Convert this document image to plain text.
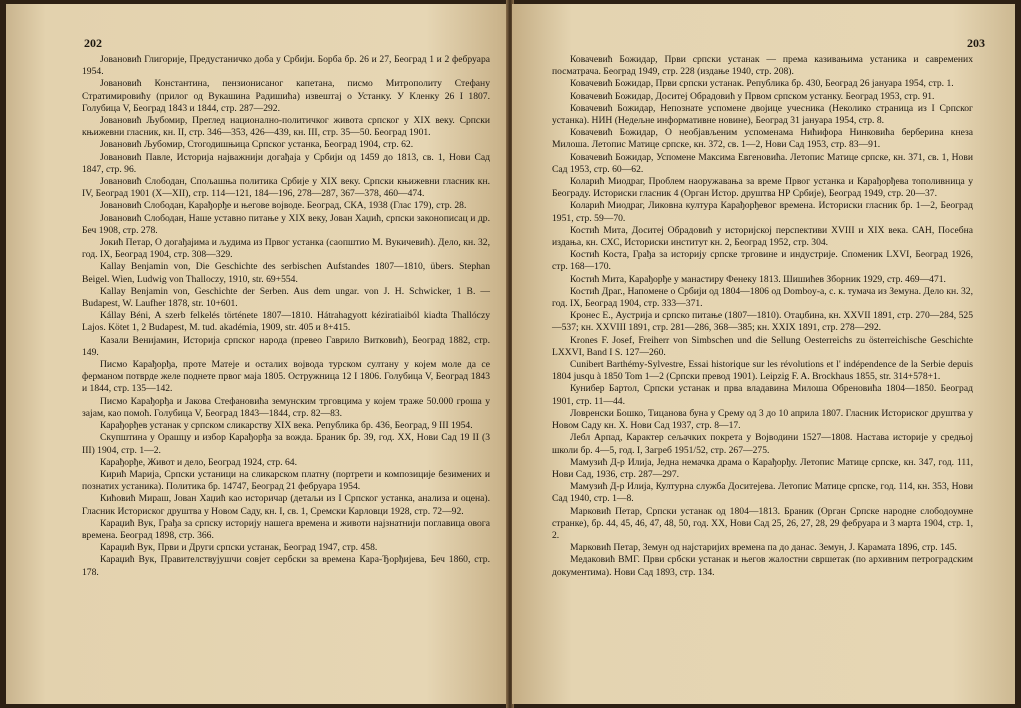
202

Јовановић Глигорије, Предустаничко доба у Србији. Борба бр. 26 и 27, Београд 1 и 2 фебруара 1954.

Јовановић Константина, пензионисаног капетана, писмо Митрополиту Стефану Стратимировићу (прилог од Вукашина Радишића) извештај о Устанку. У Кленку 26 I 1807. Голубица V, Београд 1843 и 1844, стр. 287—292.

Јовановић Љубомир, Преглед национално-политичког живота српског у XIX веку. Српски књижевни гласник, кн. II, стр. 346—353, 426—439, кн. III, стр. 35—50. Београд 1901.

Јовановић Љубомир, Стогодишњица Српског устанка, Београд 1904, стр. 62.

Јовановић Павле, Историја најважнији догађаја у Србији од 1459 до 1813, св. 1, Нови Сад 1847, стр. 96.

Јовановић Слободан, Спољашња политика Србије у XIX веку. Српски књижевни гласник кн. IV, Београд 1901 (X—XII), стр. 114—121, 184—196, 278—287, 367—378, 460—474.

Јовановић Слободан, Карађорђе и његове војводе. Београд, СКА, 1938 (Глас 179), стр. 28.

Јовановић Слободан, Наше уставно питање у XIX веку, Јован Хаџић, српски законописац и др. Беч 1908, стр. 278.

Јокић Петар, О догађајима и људима из Првог устанка (саопштио М. Вукичевић). Дело, кн. 32, год. IX, Београд 1904, стр. 308—329.

Kallay Benjamin von, Die Geschichte des serbischen Aufstandes 1807—1810, übers. Stephan Beigel. Wien, Ludwig von Thalloczy, 1910, str. 69+554.

Kallay Benjamin von, Geschichte der Serben. Aus dem ungar. von J. H. Schwicker, 1 B. — Budapest, W. Laufher 1878, str. 10+601.

Kállay Béni, A szerb felkelés története 1807—1810. Hátrahagyott kéziratiaiból kiadta Thallóczy Lajos. Kötet 1, 2 Budapest, M. tud. akadémia, 1909, str. 405 и 8+415.

Казали Венијамин, Историја српског народа (превео Гаврило Витковић), Београд 1882, стр. 149.

Писмо Карађорђа, проте Матеје и осталих војвода турском султану у којем моле да се ферманом потврде желе поднете првог маја 1805. Остружница 12 I 1806. Голубица V, Београд 1843 и 1844, стр. 135—142.

Писмо Карађорђа и Јакова Стефановића земунским трговцима у којем траже 50.000 гроша у зајам, као помоћ. Голубица V, Београд 1843—1844, стр. 82—83.

Карађорђев устанак у српском сликарству XIX века. Република бр. 436, Београд, 9 III 1954.

Скупштина у Орашцу и избор Карађорђа за вожда. Браник бр. 39, год. XX, Нови Сад 19 II (3 III) 1904, стр. 1—2.

Карађорђе, Живот и дело, Београд 1924, стр. 64.

Кирић Марија, Српски устаници на сликарском платну (портрети и композиције безимених и познатих устаника). Политика бр. 14747, Београд 21 фебруара 1954.

Кићовић Мираш, Јован Хаџић као историчар (детаљи из I Српског устанка, анализа и оцена). Гласник Историског друштва у Новом Саду, кн. I, св. 1, Сремски Карловци 1928, стр. 72—92.

Караџић Вук, Грађа за српску историју нашега времена и животи најзнатнији поглавица овога времена. Београд 1898, стр. 366.

Караџић Вук, Први и Други српски устанак, Београд 1947, стр. 458.

Караџић Вук, Правителствујушчи совјет сербски за времена Кара-Ђорђијева, Беч 1860, стр. 178.

203

Ковачевић Божидар, Први српски устанак — према казивањима устаника и савремених посматрача. Београд 1949, стр. 228 (издање 1940, стр. 208).

Ковачевић Божидар, Први српски устанак. Република бр. 430, Београд 26 јануара 1954, стр. 1.

Ковачевић Божидар, Доситеј Обрадовић у Првом српском устанку. Београд 1953, стр. 91.

Ковачевић Божидар, Непознате успомене двојице учесника (Неколико страница из I Српског устанка). НИН (Недељне информативне новине), Београд 31 јануара 1954, стр. 8.

Ковачевић Божидар, О необјављеним успоменама Нићифора Нинковића берберина кнеза Милоша. Летопис Матице српске, кн. 372, св. 1—2, Нови Сад 1953, стр. 83—91.

Ковачевић Божидар, Успомене Максима Евгеновића. Летопис Матице српске, кн. 371, св. 1, Нови Сад 1953, стр. 60—62.

Коларић Миодраг, Проблем наоружавања за време Првог устанка и Карађорђева тополивница у Београду. Историски гласник 4 (Орган Истор. друштва НР Србије), Београд 1949, стр. 20—37.

Коларић Миодраг, Ликовна култура Карађорђевог времена. Историски гласник бр. 1—2, Београд 1951, стр. 59—70.

Костић Мита, Доситеј Обрадовић у историјској перспективи XVIII и XIX века. САН, Посебна издања, кн. СХС, Историски институт кн. 2, Београд 1952, стр. 304.

Костић Коста, Грађа за историју српске трговине и индустрије. Споменик LXVI, Београд 1926, стр. 168—170.

Костић Мита, Карађорђе у манастиру Фенеку 1813. Шишићев Зборник 1929, стр. 469—471.

Костић Драг., Напомене о Србији од 1804—1806 од Domboy-а, с. к. тумача из Земуна. Дело кн. 32, год. IX, Београд 1904, стр. 333—371.

Кронес Е., Аустрија и српско питање (1807—1810). Отаџбина, кн. XXVII 1891, стр. 270—284, 525—537; кн. XXVIII 1891, стр. 281—286, 368—385; кн. XXIX 1891, стр. 278—292.

Krones F. Josef, Freiherr von Simbschen und die Sellung Oesterreichs zu österreichische Geschichte LXXVI, Band I S. 127—260.

Cunibert Barthémy-Sylvestre, Essai historique sur les révolutions et l' indépendence de la Serbie depuis 1804 jusqu à 1850 Tom 1—2 (Српски превод 1901). Leipzig F. A. Brockhaus 1855, str. 314+578+1.

Кунибер Бартол, Српски устанак и прва владавина Милоша Обреновића 1804—1850. Београд 1901, стр. 11—44.

Ловренски Бошко, Тицанова буна у Срему од 3 до 10 априла 1807. Гласник Историског друштва у Новом Саду кн. X. Нови Сад 1937, стр. 8—17.

Лебл Арпад, Карактер сељачких покрета у Војводини 1527—1808. Настава историје у средњој школи бр. 4—5, год. I, Загреб 1951/52, стр. 267—275.

Мамузић Д-р Илија, Једна немачка драма о Карађорђу. Летопис Матице српске, кн. 347, год. 111, Нови Сад, 1936, стр. 287—297.

Мамузић Д-р Илија, Културна служба Доситејева. Летопис Матице српске, год. 114, кн. 353, Нови Сад 1940, стр. 1—8.

Марковић Петар, Српски устанак од 1804—1813. Браник (Орган Српске народне слободоумне странке), бр. 44, 45, 46, 47, 48, 50, год. XX, Нови Сад 25, 26, 27, 28, 29 фебруара и 3 марта 1904, стр. 1, 2.

Марковић Петар, Земун од најстаријих времена па до данас. Земун, Ј. Карамата 1896, стр. 145.

Медаковић ВМГ. Први србски устанак и његов жалостни свршетак (по архивним петроградским документима). Нови Сад 1893, стр. 134.
